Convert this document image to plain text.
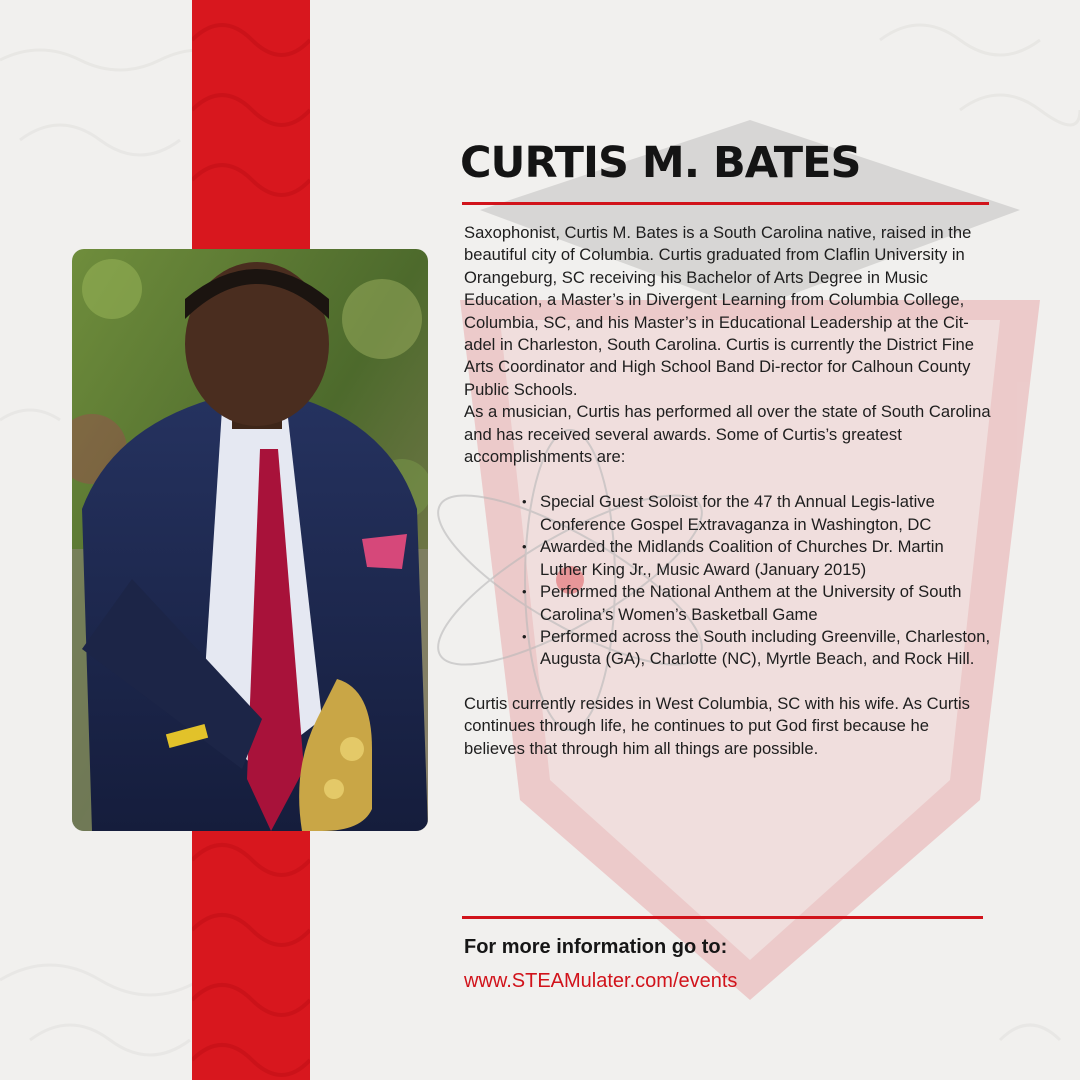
CURTIS M. BATES

Saxophonist, Curtis M. Bates is a South Carolina native, raised in the beautiful city of Columbia. Curtis graduated from Claflin University in Orangeburg, SC receiving his Bachelor of Arts Degree in Music Education, a Master’s in Divergent Learning from Columbia College, Columbia, SC, and his Master’s in Educational Leadership at the Cit-adel in Charleston, South Carolina. Curtis is currently the District Fine Arts Coordinator and High School Band Di-rector for Calhoun County Public Schools.

As a musician, Curtis has performed all over the state of South Carolina and has received several awards. Some of Curtis’s greatest accomplishments are:

• Special Guest Soloist for the 47 th Annual Legis-lative Conference Gospel Extravaganza in Washington, DC
• Awarded the Midlands Coalition of Churches Dr. Martin Luther King Jr., Music Award (January 2015)
• Performed the National Anthem at the University of South Carolina’s Women’s Basketball Game
• Performed across the South including Greenville, Charleston, Augusta (GA), Charlotte (NC), Myrtle Beach, and Rock Hill.

Curtis currently resides in West Columbia, SC with his wife. As Curtis continues through life, he continues to put God first because he believes that through him all things are possible.

For more information go to:

www.STEAMulater.com/events
